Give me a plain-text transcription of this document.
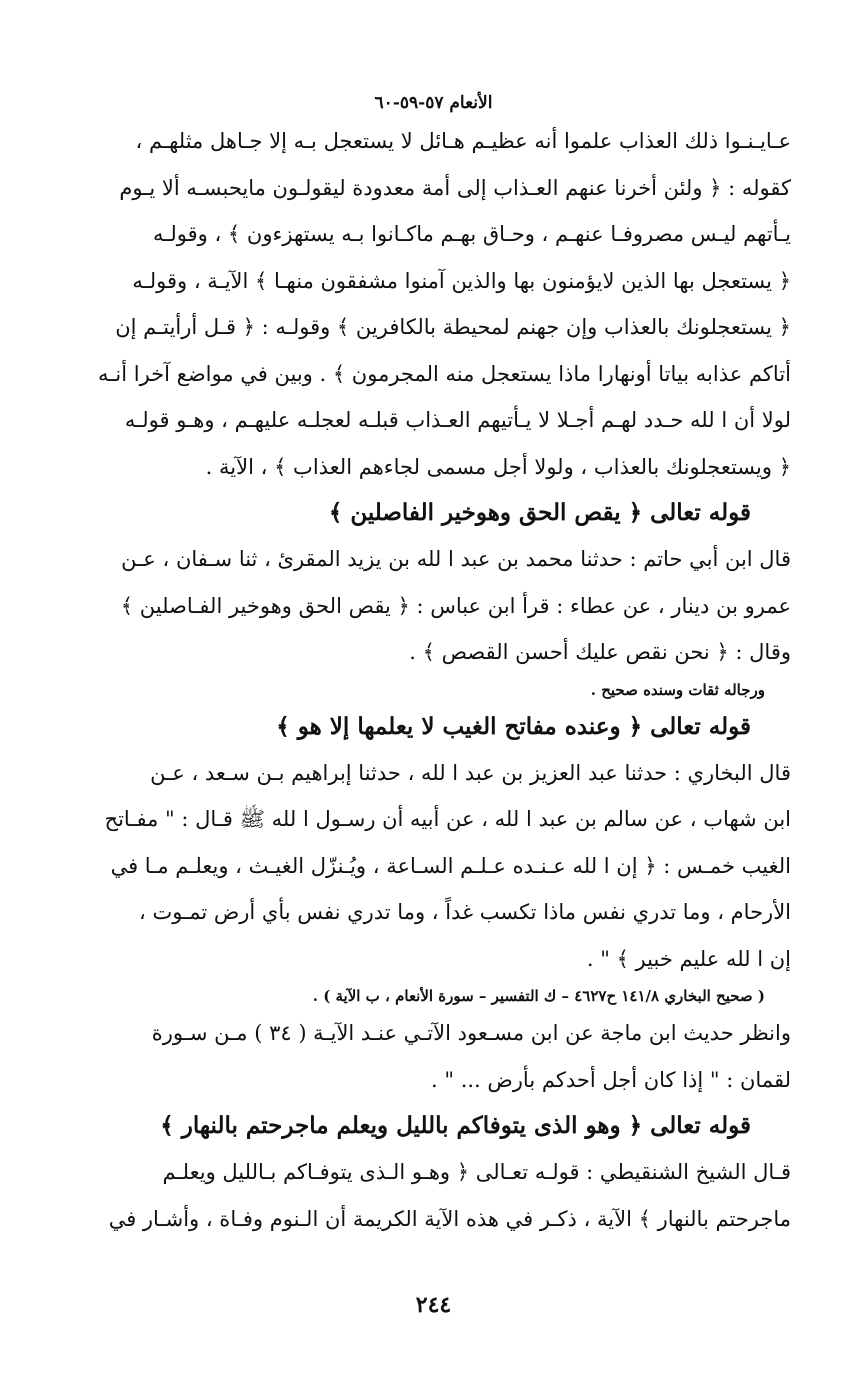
الأنعام ٥٧-٥٩-٦٠

عـايـنـوا ذلك العذاب علموا أنه عظيـم هـائل لا يستعجل بـه إلا جـاهل مثلهـم ،

كقوله : ﴿ ولئن أخرنا عنهم العـذاب إلى أمة معدودة ليقولـون مايحبسـه ألا يـوم

يـأتهم ليـس مصروفـا عنهـم ، وحـاق بهـم ماكـانوا بـه يستهزءون ﴾ ، وقولـه

﴿ يستعجل بها الذين لايؤمنون بها والذين آمنوا مشفقون منهـا ﴾ الآيـة ، وقولـه

﴿ يستعجلونك بالعذاب وإن جهنم لمحيطة بالكافرين ﴾ وقولـه : ﴿ قـل أرأيتـم إن

أتاكم عذابه بياتا أونهارا ماذا يستعجل منه المجرمون ﴾ . وبين في مواضع آخرا أنـه

لولا أن ا لله حـدد لهـم أجـلا لا يـأتيهم العـذاب قبلـه لعجلـه عليهـم ، وهـو قولـه

﴿ ويستعجلونك بالعذاب ، ولولا أجل مسمى لجاءهم العذاب ﴾ ، الآية .

قوله تعالى ﴿ يقص الحق وهوخير الفاصلين ﴾

قال ابن أبي حاتم : حدثنا محمد بن عبد ا لله بن يزيد المقرئ ، ثنا سـفان ، عـن

عمرو بن دينار ، عن عطاء : قرأ ابن عباس : ﴿ يقص الحق وهوخير الفـاصلين ﴾

وقال : ﴿ نحن نقص عليك أحسن القصص ﴾ .

ورجاله ثقات وسنده صحيح .

قوله تعالى ﴿ وعنده مفاتح الغيب لا يعلمها إلا هو ﴾

قال البخاري : حدثنا عبد العزيز بن عبد ا لله ، حدثنا إبراهيم بـن سـعد ، عـن

ابن شهاب ، عن سالم بن عبد ا لله ، عن أبيه أن رسـول ا لله ﷺ قـال : " مفـاتح

الغيب خمـس : ﴿ إن ا لله عـنـده عـلـم السـاعة ، ويُـنزّل الغيـث ، ويعلـم مـا في

الأرحام ، وما تدري نفس ماذا تكسب غداً ، وما تدري نفس بأي أرض تمـوت ،

إن ا لله عليم خبير ﴾ " .

( صحيح البخاري ١٤١/٨ ح٤٦٢٧ – ك التفسير – سورة الأنعام ، ب الآية ) .

وانظر حديث ابن ماجة عن ابن مسـعود الآتـي عنـد الآيـة ( ٣٤ ) مـن سـورة

لقمان : " إذا كان أجل أحدكم بأرض ... " .

قوله تعالى ﴿ وهو الذى يتوفاكم بالليل ويعلم ماجرحتم بالنهار ﴾

قـال الشيخ الشنقيطي : قولـه تعـالى ﴿ وهـو الـذى يتوفـاكم بـالليل ويعلـم

ماجرحتم بالنهار ﴾ الآية ، ذكـر في هذه الآية الكريمة أن الـنوم وفـاة ، وأشـار في

٢٤٤
